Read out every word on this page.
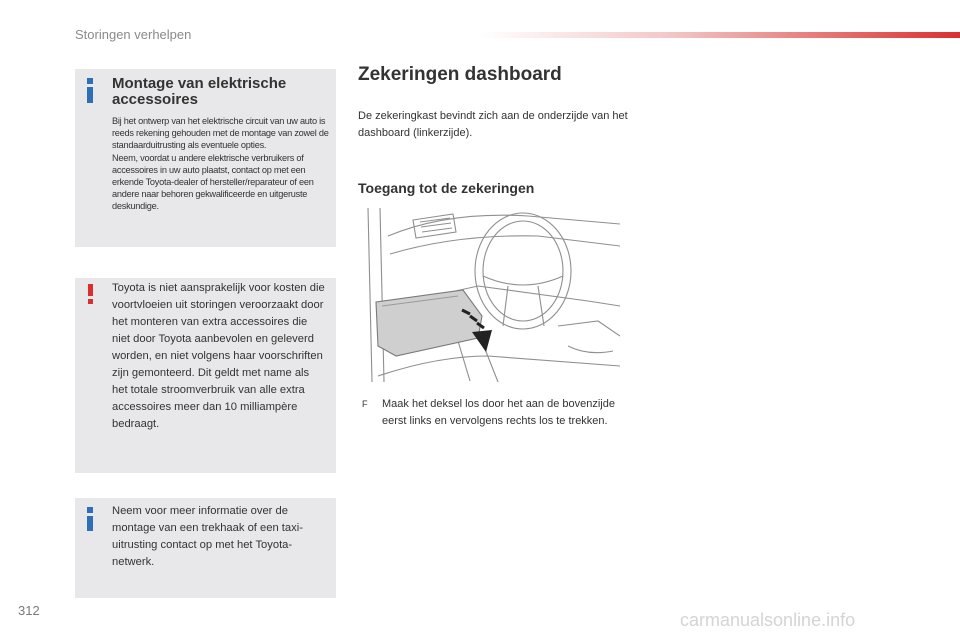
Storingen verhelpen
Montage van elektrische accessoires

Bij het ontwerp van het elektrische circuit van uw auto is reeds rekening gehouden met de montage van zowel de standaarduitrusting als eventuele opties.

Neem, voordat u andere elektrische verbruikers of accessoires in uw auto plaatst, contact op met een erkende Toyota-dealer of hersteller/reparateur of een andere naar behoren gekwalificeerde en uitgeruste deskundige.

Toyota is niet aansprakelijk voor kosten die voortvloeien uit storingen veroorzaakt door het monteren van extra accessoires die niet door Toyota aanbevolen en geleverd worden, en niet volgens haar voorschriften zijn gemonteerd. Dit geldt met name als het totale stroomverbruik van alle extra accessoires meer dan 10 milliampère bedraagt.
Neem voor meer informatie over de montage van een trekhaak of een taxi-uitrusting contact op met het Toyota-netwerk.
Zekeringen dashboard
De zekeringkast bevindt zich aan de onderzijde van het dashboard (linkerzijde).
Toegang tot de zekeringen
F Maak het deksel los door het aan de bovenzijde eerst links en vervolgens rechts los te trekken.
312	carmanualsonline.info
